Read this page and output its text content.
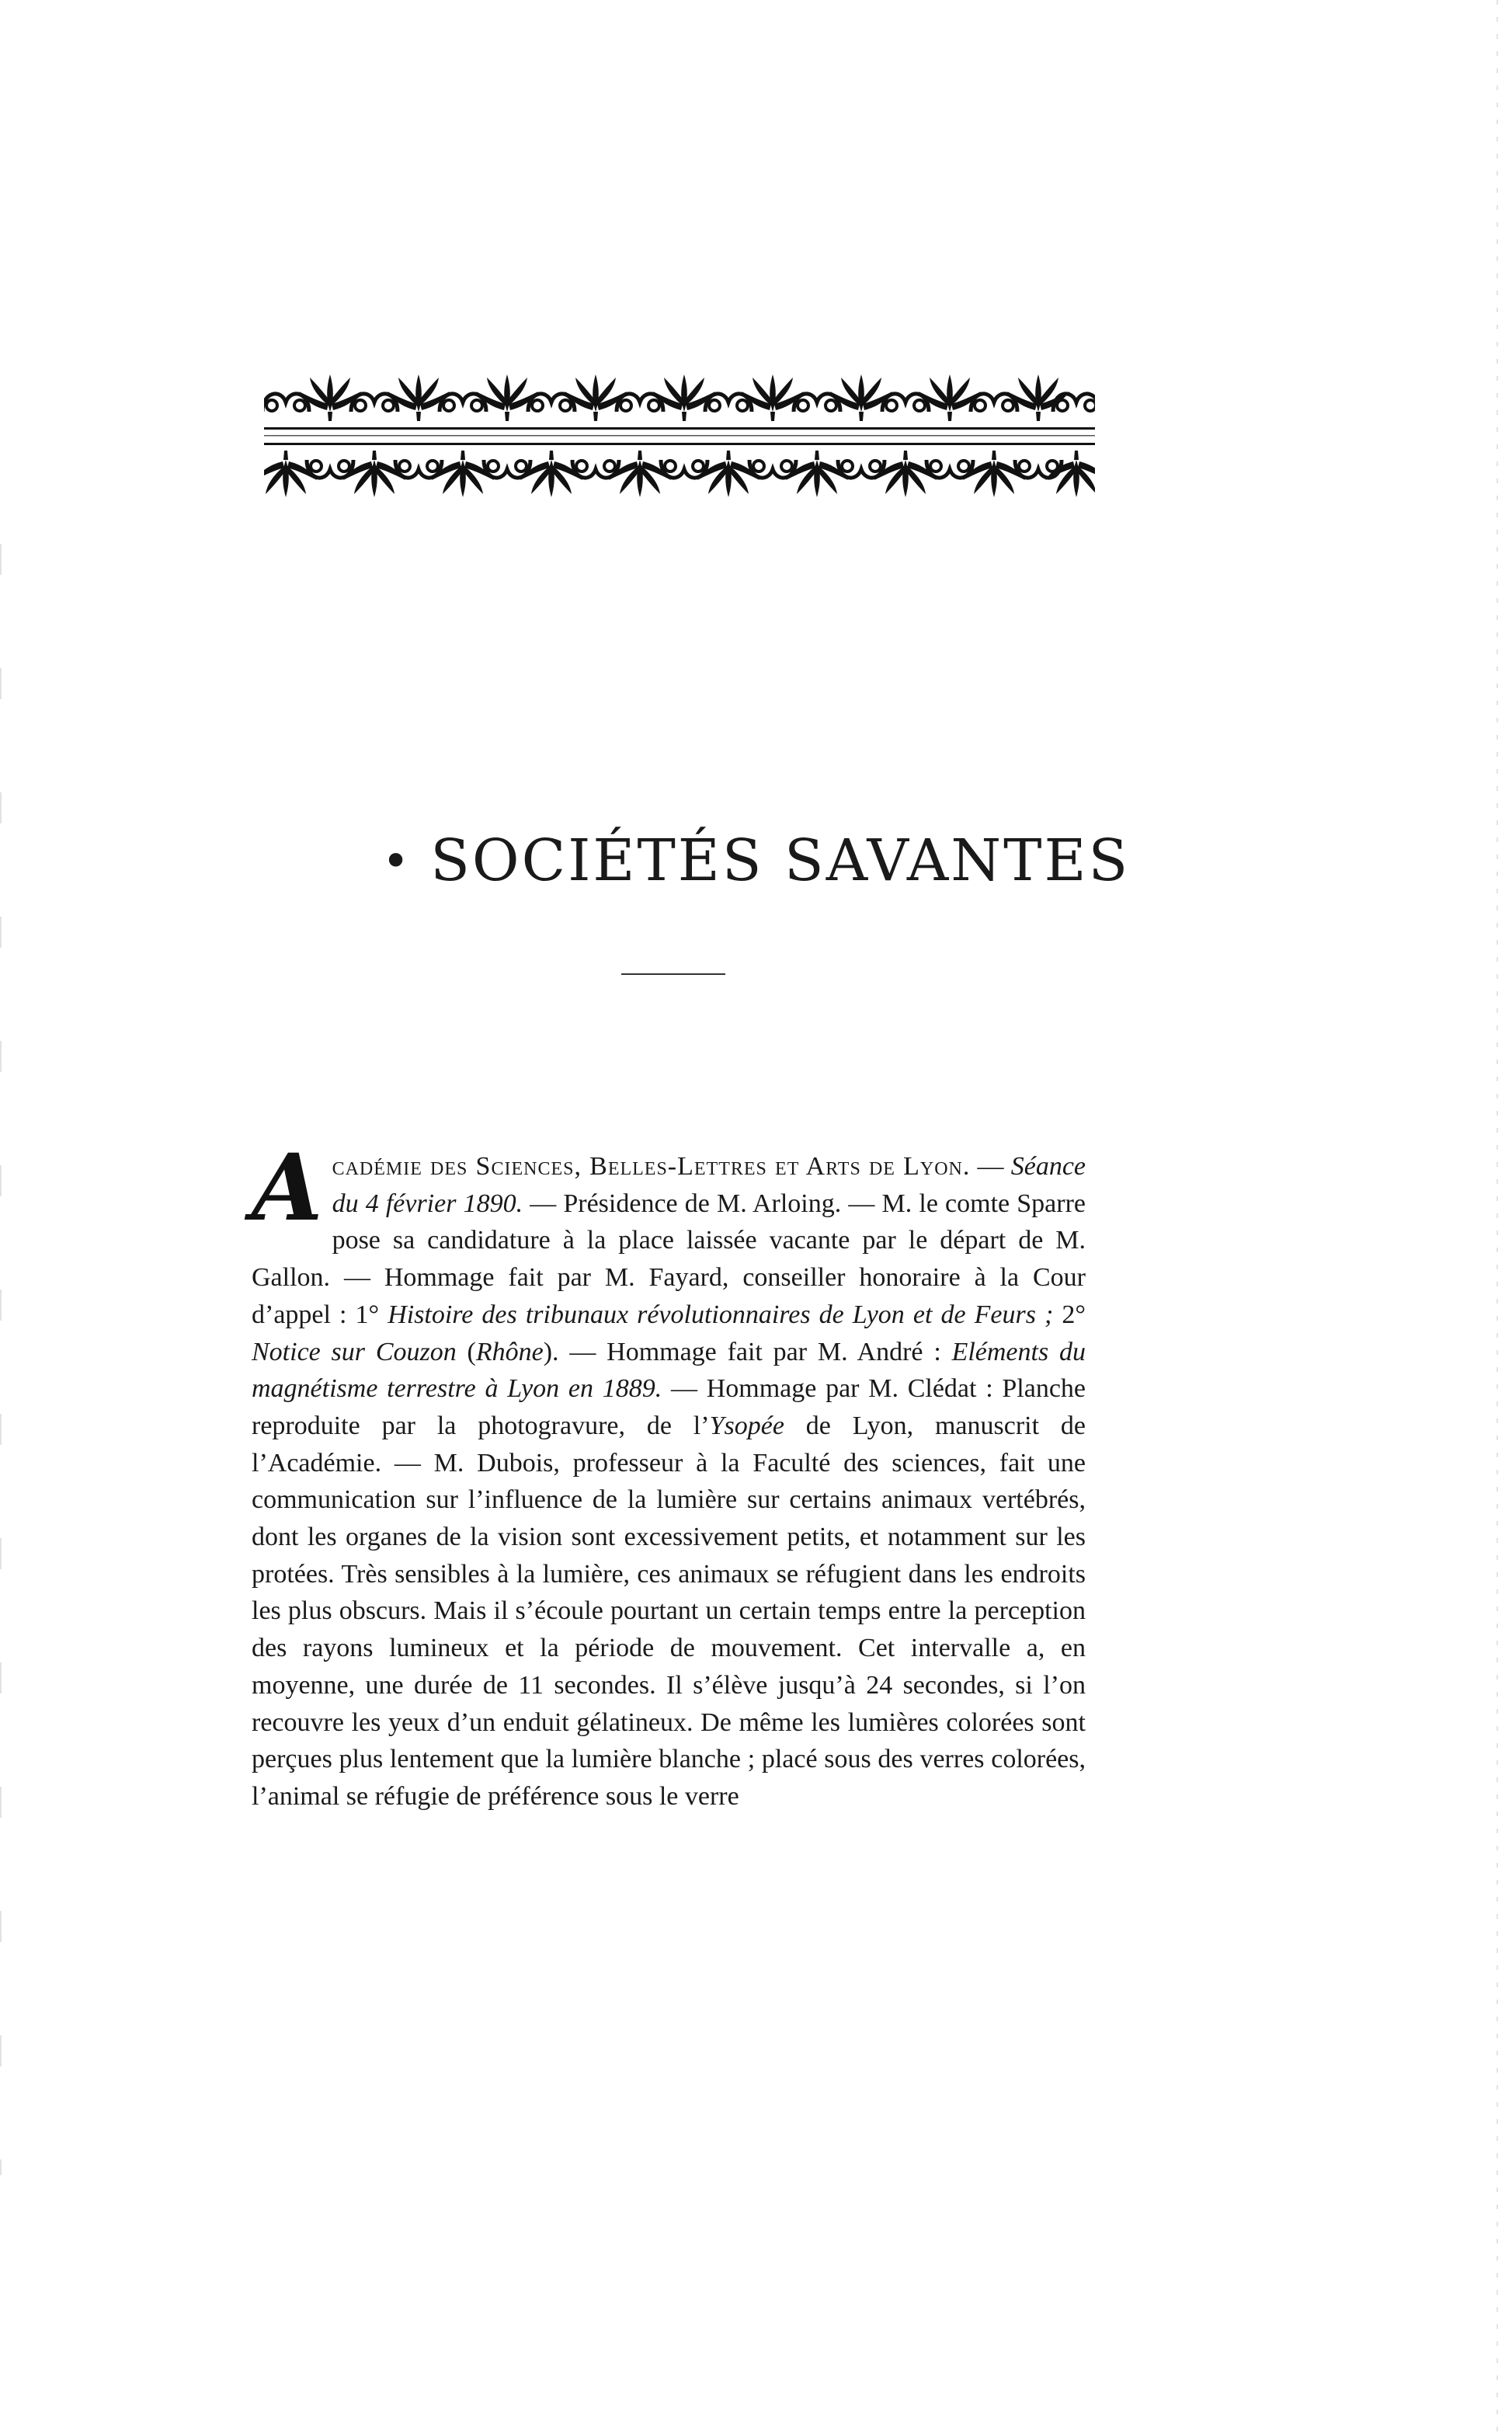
• SOCIÉTÉS SAVANTES
Académie des Sciences, Belles-Lettres et Arts de Lyon. — Séance du 4 février 1890. — Présidence de M. Arloing. — M. le comte Sparre pose sa candidature à la place laissée vacante par le départ de M. Gallon. — Hommage fait par M. Fayard, conseiller honoraire à la Cour d’appel : 1° Histoire des tribunaux révolutionnaires de Lyon et de Feurs ; 2° Notice sur Couzon (Rhône). — Hommage fait par M. André : Eléments du magnétisme terrestre à Lyon en 1889. — Hommage par M. Clédat : Planche reproduite par la photogravure, de l’Ysopée de Lyon, manuscrit de l’Académie. — M. Dubois, professeur à la Faculté des sciences, fait une communication sur l’influence de la lumière sur certains animaux vertébrés, dont les organes de la vision sont excessivement petits, et notamment sur les protées. Très sensibles à la lumière, ces animaux se réfugient dans les endroits les plus obscurs. Mais il s’écoule pourtant un certain temps entre la perception des rayons lumineux et la période de mouvement. Cet intervalle a, en moyenne, une durée de 11 secondes. Il s’élève jusqu’à 24 secondes, si l’on recouvre les yeux d’un enduit gélatineux. De même les lumières colorées sont perçues plus lentement que la lumière blanche ; placé sous des verres colorées, l’animal se réfugie de préférence sous le verre
